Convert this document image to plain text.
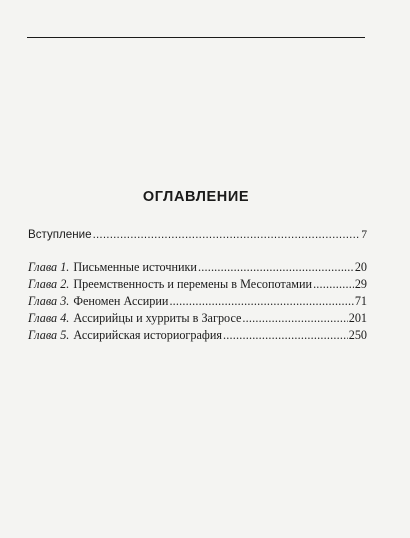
ОГЛАВЛЕНИЕ
Вступление .....	7
Глава 1. Письменные источники .....	20
Глава 2. Преемственность и перемены в Месопотамии .....	29
Глава 3. Феномен Ассирии .....	71
Глава 4. Ассирийцы и хурриты в Загросе .....	201
Глава 5. Ассирийская историография .....	250
